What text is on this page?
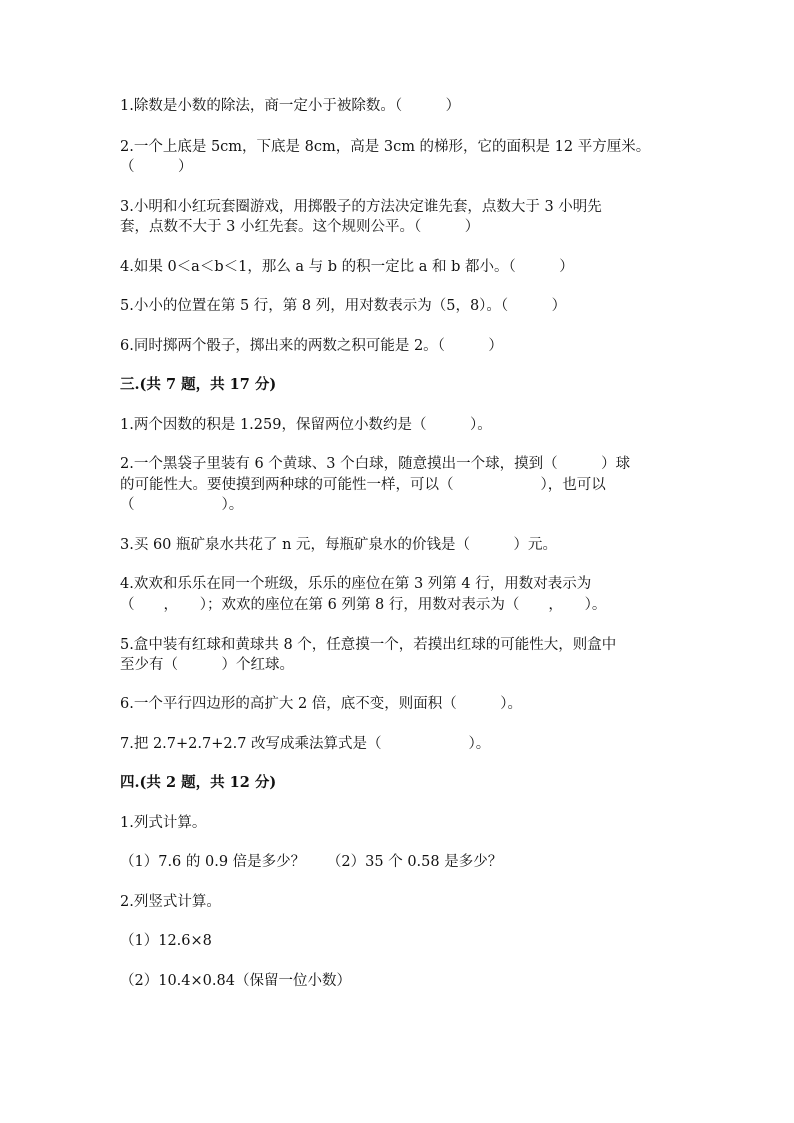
1.除数是小数的除法，商一定小于被除数。（　　　）
2.一个上底是 5cm，下底是 8cm，高是 3cm 的梯形，它的面积是 12 平方厘米。
（　　　）
3.小明和小红玩套圈游戏，用掷骰子的方法决定谁先套，点数大于 3 小明先
套，点数不大于 3 小红先套。这个规则公平。（　　　）
4.如果 0＜a＜b＜1，那么 a 与 b 的积一定比 a 和 b 都小。（　　　）
5.小小的位置在第 5 行，第 8 列，用对数表示为（5，8）。（　　　）
6.同时掷两个骰子，掷出来的两数之积可能是 2。（　　　）
三.(共 7 题，共 17 分)
1.两个因数的积是 1.259，保留两位小数约是（　　　）。
2.一个黑袋子里装有 6 个黄球、3 个白球，随意摸出一个球，摸到（　　　）球
的可能性大。要使摸到两种球的可能性一样，可以（　　　　　　），也可以
（　　　　　　）。
3.买 60 瓶矿泉水共花了 n 元，每瓶矿泉水的价钱是（　　　）元。
4.欢欢和乐乐在同一个班级，乐乐的座位在第 3 列第 4 行，用数对表示为
（　　，　　）；欢欢的座位在第 6 列第 8 行，用数对表示为（　　，　　）。
5.盒中装有红球和黄球共 8 个，任意摸一个，若摸出红球的可能性大，则盒中
至少有（　　　）个红球。
6.一个平行四边形的高扩大 2 倍，底不变，则面积（　　　）。
7.把 2.7+2.7+2.7 改写成乘法算式是（　　　　　　）。
四.(共 2 题，共 12 分)
1.列式计算。
（1）7.6 的 0.9 倍是多少？　　（2）35 个 0.58 是多少？
2.列竖式计算。
（1）12.6×8
（2）10.4×0.84（保留一位小数）
